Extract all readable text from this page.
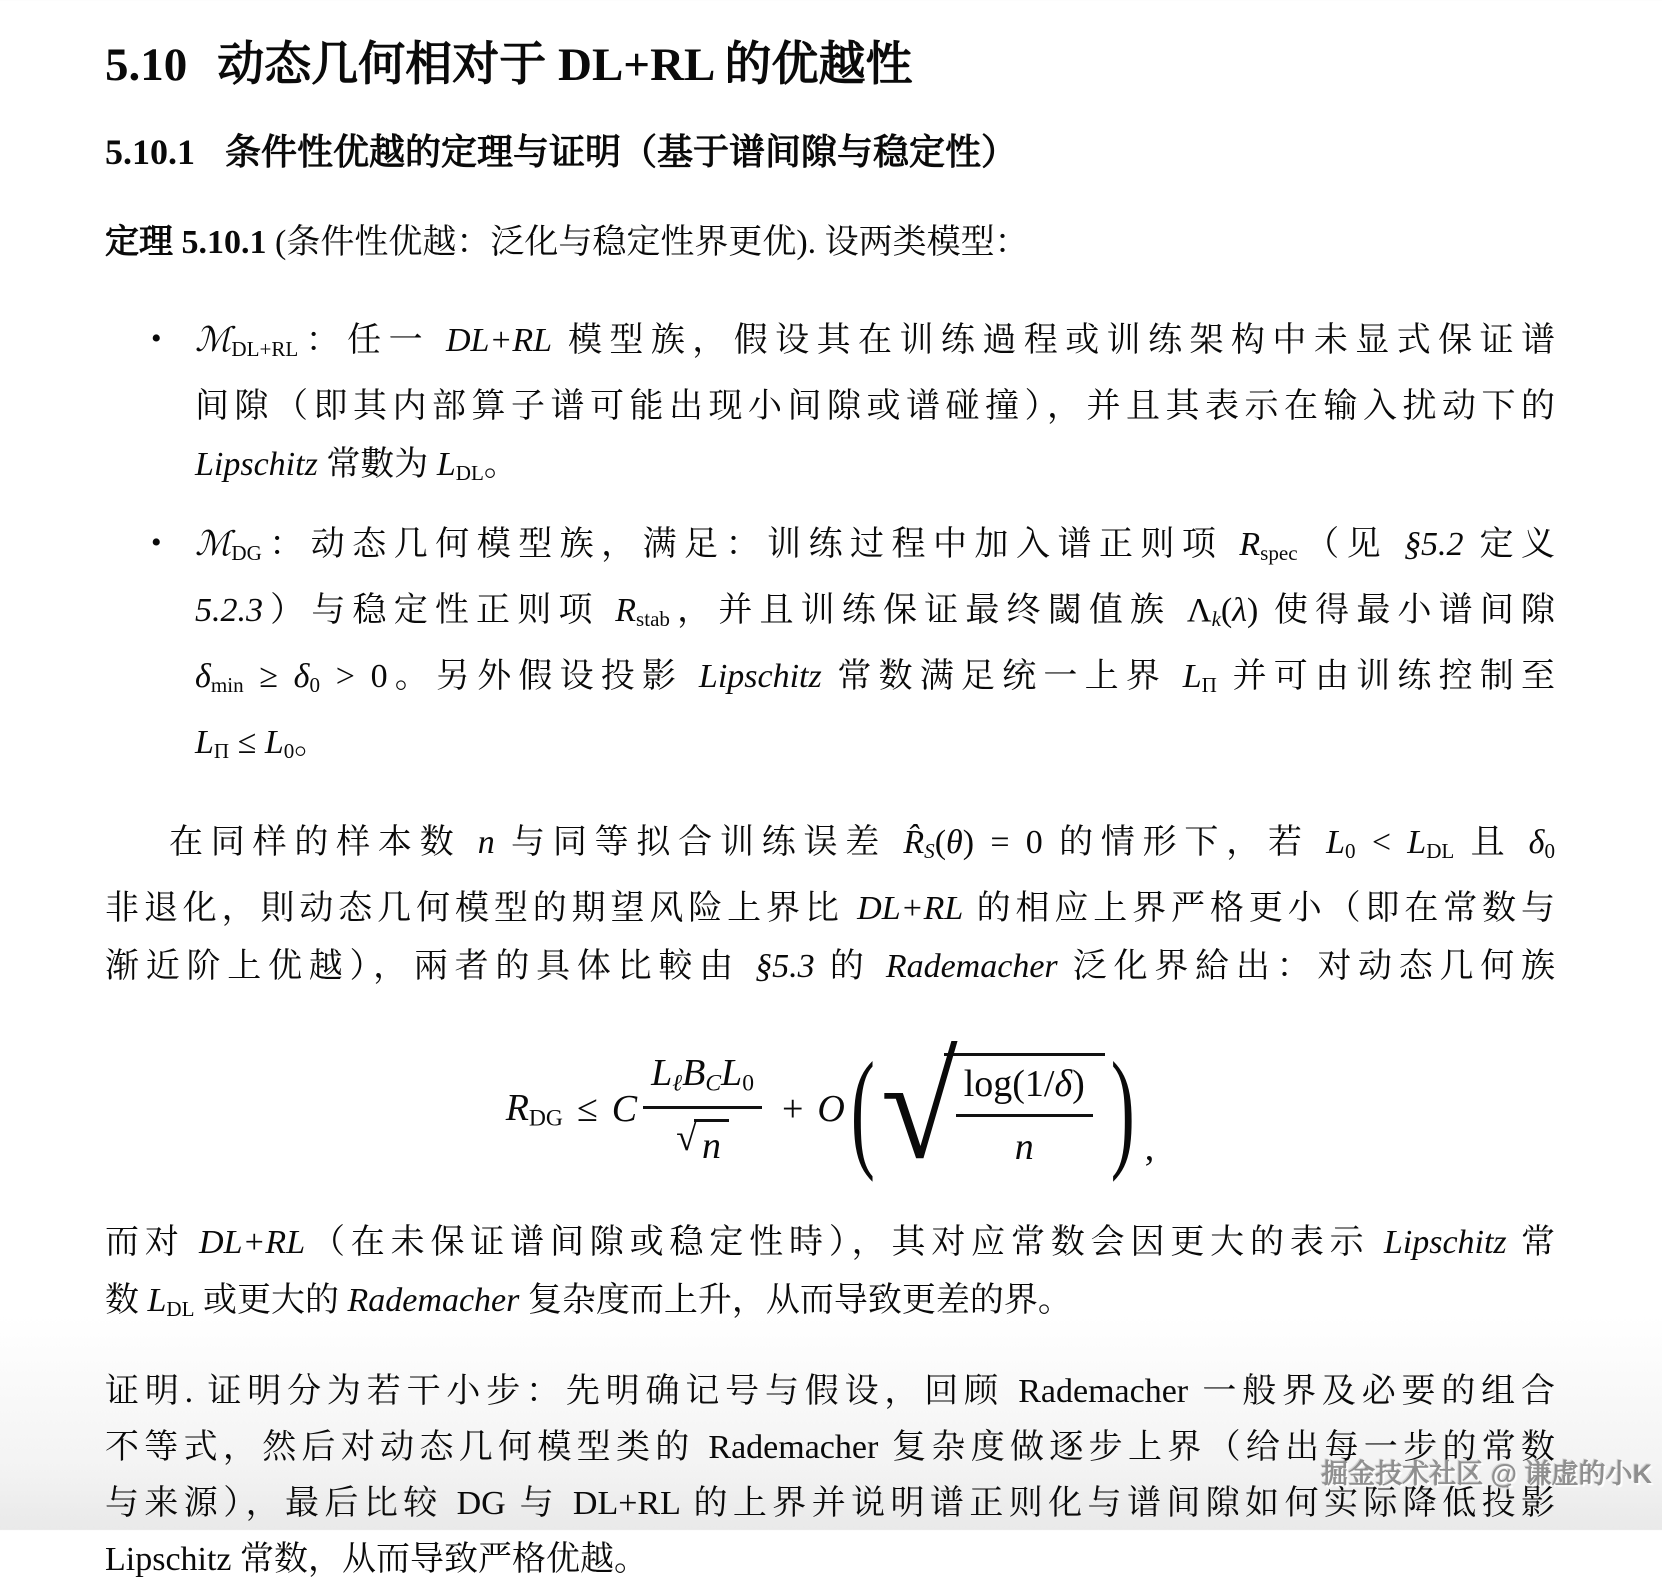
5.10 动态几何相对于 DL+RL 的优越性
5.10.1 条件性优越的定理与证明（基于谱间隙与稳定性）

定理 5.10.1 (条件性优越：泛化与稳定性界更优). 设两类模型：

• ℳDL+RL：任一 DL+RL 模型族，假设其在训练過程或训练架构中未显式保证谱
间隙（即其内部算子谱可能出现小间隙或谱碰撞），并且其表示在输入扰动下的
Lipschitz 常數为 LDL。
• ℳDG：动态几何模型族，满足：训练过程中加入谱正则项 Rspec（见 §5.2 定义
5.2.3）与稳定性正则项 Rstab，并且训练保证最终閾值族 Λk(λ) 使得最小谱间隙
δmin ≥ δ0 > 0。另外假设投影 Lipschitz 常数满足统一上界 LΠ 并可由训练控制至
LΠ ≤ L0。
在同样的样本数 n 与同等拟合训练误差 R̂S(θ) = 0 的情形下，若 L0 < LDL 且 δ0
非退化，則动态几何模型的期望风险上界比 DL+RL 的相应上界严格更小（即在常数与
渐近阶上优越），兩者的具体比較由 §5.3 的 Rademacher 泛化界給出：对动态几何族
RDG ≤ C $\frac{\text{LℓBCL0}}{√ n} + O$ ( √
$\frac{\log(1/\delta)}{n}$ ) ,
而对 DL+RL（在未保证谱间隙或稳定性時），其对应常数会因更大的表示 Lipschitz 常
数 LDL 或更大的 Rademacher 复杂度而上升，从而导致更差的界。
证明. 证明分为若干小步：先明确记号与假设，回顾 Rademacher 一般界及必要的组合
不等式，然后对动态几何模型类的 Rademacher 复杂度做逐步上界（给出每一步的常数
与来源），最后比较 DG 与 DL+RL 的上界并说明谱正则化与谱间隙如何实际降低投影
Lipschitz 常数，从而导致严格优越。
掘金技术社区 @ 谦虚的小K
